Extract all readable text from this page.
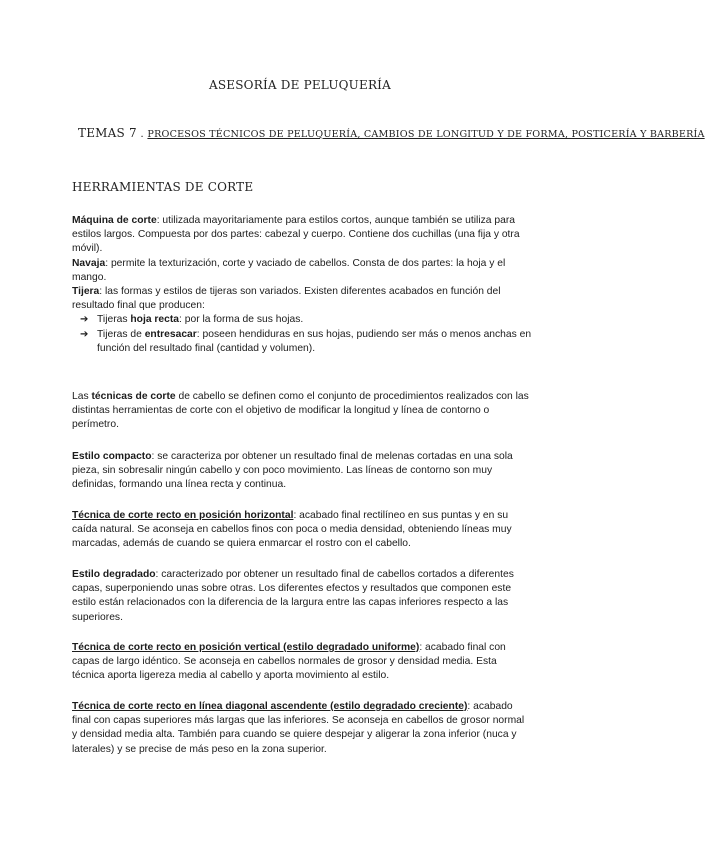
ASESORÍA DE PELUQUERÍA
TEMAS 7 . PROCESOS TÉCNICOS DE PELUQUERÍA, CAMBIOS DE LONGITUD Y DE FORMA, POSTICERÍA Y BARBERÍA
HERRAMIENTAS DE CORTE

Máquina de corte: utilizada mayoritariamente para estilos cortos, aunque también se utiliza para estilos largos. Compuesta por dos partes: cabezal y cuerpo. Contiene dos cuchillas (una fija y otra móvil).

Navaja: permite la texturización, corte y vaciado de cabellos. Consta de dos partes: la hoja y el mango.

Tijera: las formas y estilos de tijeras son variados. Existen diferentes acabados en función del resultado final que producen:

➔ Tijeras hoja recta: por la forma de sus hojas.
➔ Tijeras de entresacar: poseen hendiduras en sus hojas, pudiendo ser más o menos anchas en función del resultado final (cantidad y volumen).

Las técnicas de corte de cabello se definen como el conjunto de procedimientos realizados con las distintas herramientas de corte con el objetivo de modificar la longitud y línea de contorno o perímetro.

Estilo compacto: se caracteriza por obtener un resultado final de melenas cortadas en una sola pieza, sin sobresalir ningún cabello y con poco movimiento. Las líneas de contorno son muy definidas, formando una línea recta y continua.

Técnica de corte recto en posición horizontal: acabado final rectilíneo en sus puntas y en su caída natural. Se aconseja en cabellos finos con poca o media densidad, obteniendo líneas muy marcadas, además de cuando se quiera enmarcar el rostro con el cabello.

Estilo degradado: caracterizado por obtener un resultado final de cabellos cortados a diferentes capas, superponiendo unas sobre otras. Los diferentes efectos y resultados que componen este estilo están relacionados con la diferencia de la largura entre las capas inferiores respecto a las superiores.

Técnica de corte recto en posición vertical (estilo degradado uniforme): acabado final con capas de largo idéntico. Se aconseja en cabellos normales de grosor y densidad media. Esta técnica aporta ligereza media al cabello y aporta movimiento al estilo.

Técnica de corte recto en línea diagonal ascendente (estilo degradado creciente): acabado final con capas superiores más largas que las inferiores. Se aconseja en cabellos de grosor normal y densidad media alta. También para cuando se quiere despejar y aligerar la zona inferior (nuca y laterales) y se precise de más peso en la zona superior.
